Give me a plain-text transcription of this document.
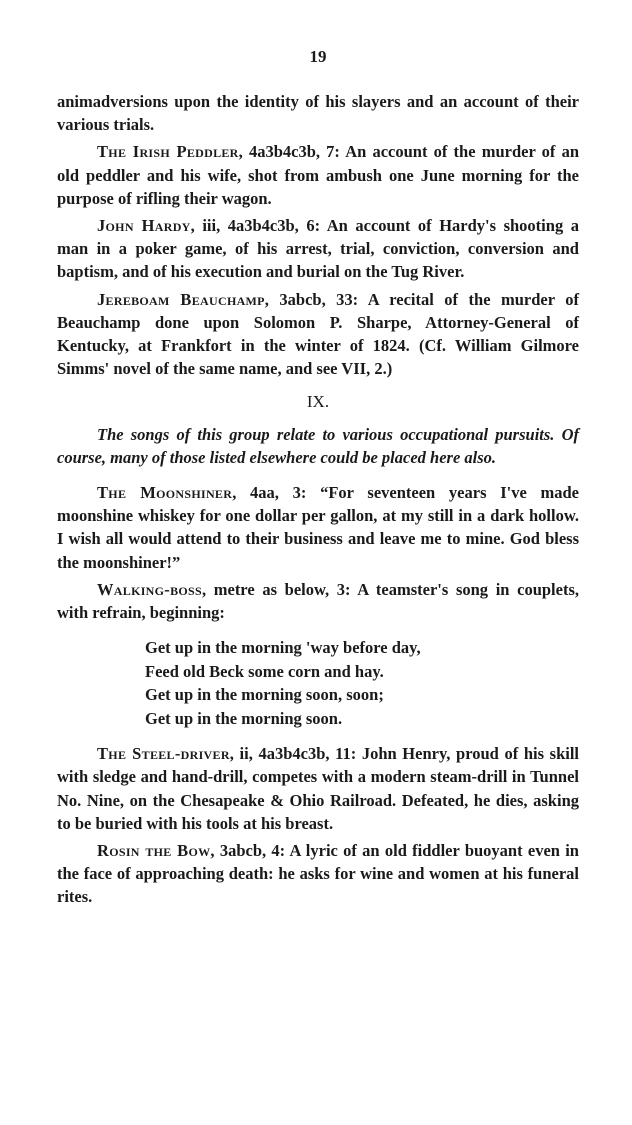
19

animadversions upon the identity of his slayers and an account of their various trials.

The Irish Peddler, 4a3b4c3b, 7: An account of the murder of an old peddler and his wife, shot from ambush one June morning for the purpose of rifling their wagon.

John Hardy, iii, 4a3b4c3b, 6: An account of Hardy's shooting a man in a poker game, of his arrest, trial, conviction, conversion and baptism, and of his execution and burial on the Tug River.

Jereboam Beauchamp, 3abcb, 33: A recital of the murder of Beauchamp done upon Solomon P. Sharpe, Attorney-General of Kentucky, at Frankfort in the winter of 1824. (Cf. William Gilmore Simms' novel of the same name, and see VII, 2.)

IX.

The songs of this group relate to various occupational pursuits. Of course, many of those listed elsewhere could be placed here also.

The Moonshiner, 4aa, 3: “For seventeen years I've made moonshine whiskey for one dollar per gallon, at my still in a dark hollow. I wish all would attend to their business and leave me to mine. God bless the moonshiner!”

Walking-boss, metre as below, 3: A teamster's song in couplets, with refrain, beginning:

Get up in the morning 'way before day,
Feed old Beck some corn and hay.
Get up in the morning soon, soon;
Get up in the morning soon.

The Steel-driver, ii, 4a3b4c3b, 11: John Henry, proud of his skill with sledge and hand-drill, competes with a modern steam-drill in Tunnel No. Nine, on the Chesapeake & Ohio Railroad. Defeated, he dies, asking to be buried with his tools at his breast.

Rosin the Bow, 3abcb, 4: A lyric of an old fiddler buoyant even in the face of approaching death: he asks for wine and women at his funeral rites.
